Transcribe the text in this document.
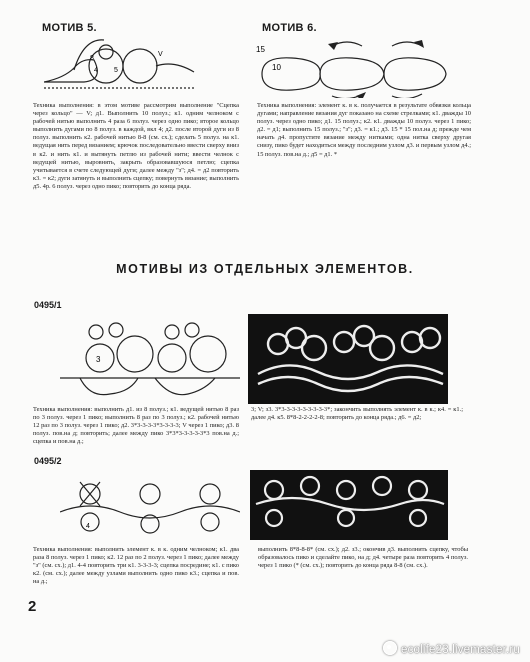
МОТИВ 5.
8
4 5
V
Техника выполнения: в этом мотиве рассмотрим выполнение "Сцепка через кольцо" — V; д1. Выполнить 10 полуз.; к1. одним челноком с рабочей нитью выполнить 4 раза 6 полуз. через одно пико; второе кольцо выполнить дугами по 8 полуз. в каждой, вкл 4; д2. после второй дуги из 8 полуз. выполнить к2. рабочей нитью 8-8 (см. сх.); сделать 5 полуз. на к1. ведущая нить перед вязанием; крючок последовательно ввести сверху вниз в к2. и нить к1. и вытянуть петлю из рабочей нити; ввести челнок с ведущей нитью, выровнять, закрыть образовавшуюся петлю; сцепка учитывается в счете следующей дуги; далее между "з"; д4. = д2 повторить к3. = к2; дуги затянуть и выполнить сцепку; повернуть вязание; выполнить д5. 4р. 6 полуз. через одно пико; повторить до конца ряда.
МОТИВ 6.
15
10
Техника выполнения: элемент к. в к. получается в результате обвязки кольца дугами; направление вязания дуг показано на схеме стрелками; к1. дважды 10 полуз. через одно пико; д1. 15 полуз.; к2. к1. дважды 10 полуз. через 1 пико; д2. = д1; выполнить 15 полуз.; "з"; д3. = к1.; д3. 15 * 15 пол.на д; прежде чем начать д4. пропустите вязание между нитками; одна нитка сверху другая снизу, пико будет находиться между последним узлом д3. и первым узлом д4.; 15 полуз. пов.на д.; д5 = д1. *
МОТИВЫ ИЗ ОТДЕЛЬНЫХ ЭЛЕМЕНТОВ.
0495/1
3
Техника выполнения: выполнить д1. из 8 полуз.; к1. ведущей нитью 8 раз по 3 полуз. через 1 пико; выполнить 8 раз по 3 полуз.; к2. рабочей нитью 12 раз по 3 полуз. через 1 пико; д2. 3*3-3-3-3*3-3-3-3; V через 1 пико; д3. 8 полуз. пов.на д; повторить; далее между пико 3*3*3-3-3-3-3*3 пов.на д.; сцепка и пов.на д.;
3; V; з3. 3*3-3-3-3-3-3-3-3-3*; закончить выполнять элемент к. в к.; к4. = к1.; далее д4. к5. 8*8-2-2-2-2-8; повторить до конца ряда.; д6. = д2;
0495/2
4
Техника выполнения: выполнить элемент к. в к. одним челноком; к1. два раза 8 полуз. через 1 пико; к2. 12 раз по 2 полуз. через 1 пико; далее между "з" (см. сх.); д1. 4-4 повторить три к1. 3-3-3-3; сцепка посредине; к1. с пико к2. (см. сх.); далее между узлами выполнить одно пико к3.; сцепка и пов. на д.;
выполнить 8*8-8-8* (см. сх.); д2. з3.; окончив д3. выполнить сцепку, чтобы образовалось пико и сделайте пико, на д; д4. четыре раза повторить 4 полуз. через 1 пико (* (см. сх.); повторить до конца ряда 8-8 (см. сх.).
2
ecolife23.livemaster.ru
